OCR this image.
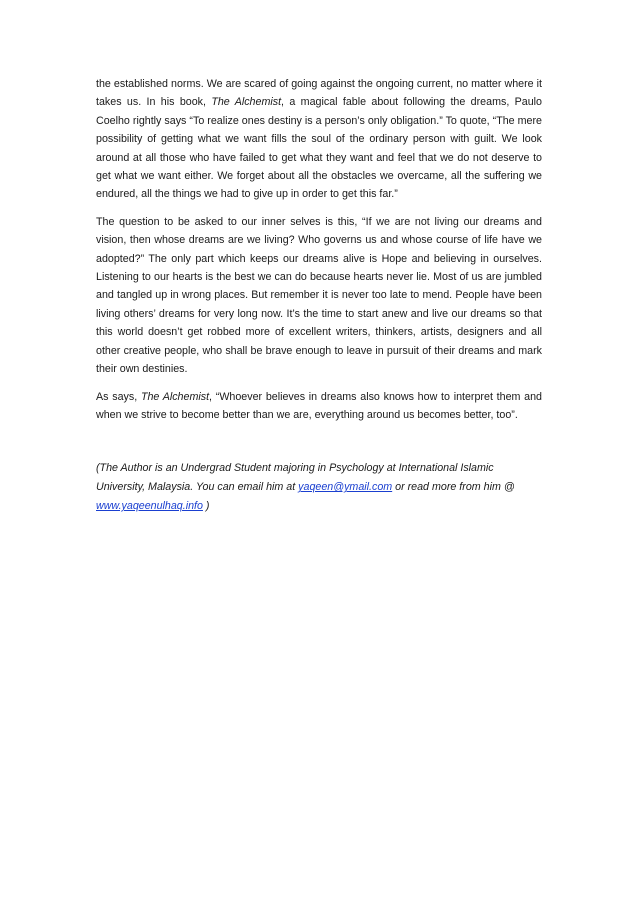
the established norms. We are scared of going against the ongoing current, no matter where it takes us. In his book, The Alchemist, a magical fable about following the dreams, Paulo Coelho rightly says “To realize ones destiny is a person’s only obligation.” To quote, “The mere possibility of getting what we want fills the soul of the ordinary person with guilt. We look around at all those who have failed to get what they want and feel that we do not deserve to get what we want either. We forget about all the obstacles we overcame, all the suffering we endured, all the things we had to give up in order to get this far.”

The question to be asked to our inner selves is this, “If we are not living our dreams and vision, then whose dreams are we living? Who governs us and whose course of life have we adopted?” The only part which keeps our dreams alive is Hope and believing in ourselves. Listening to our hearts is the best we can do because hearts never lie. Most of us are jumbled and tangled up in wrong places. But remember it is never too late to mend. People have been living others’ dreams for very long now. It’s the time to start anew and live our dreams so that this world doesn’t get robbed more of excellent writers, thinkers, artists, designers and all other creative people, who shall be brave enough to leave in pursuit of their dreams and mark their own destinies.

As says, The Alchemist, “Whoever believes in dreams also knows how to interpret them and when we strive to become better than we are, everything around us becomes better, too”.

(The Author is an Undergrad Student majoring in Psychology at International Islamic University, Malaysia. You can email him at yaqeen@ymail.com or read more from him @
www.yaqeenulhaq.info )
